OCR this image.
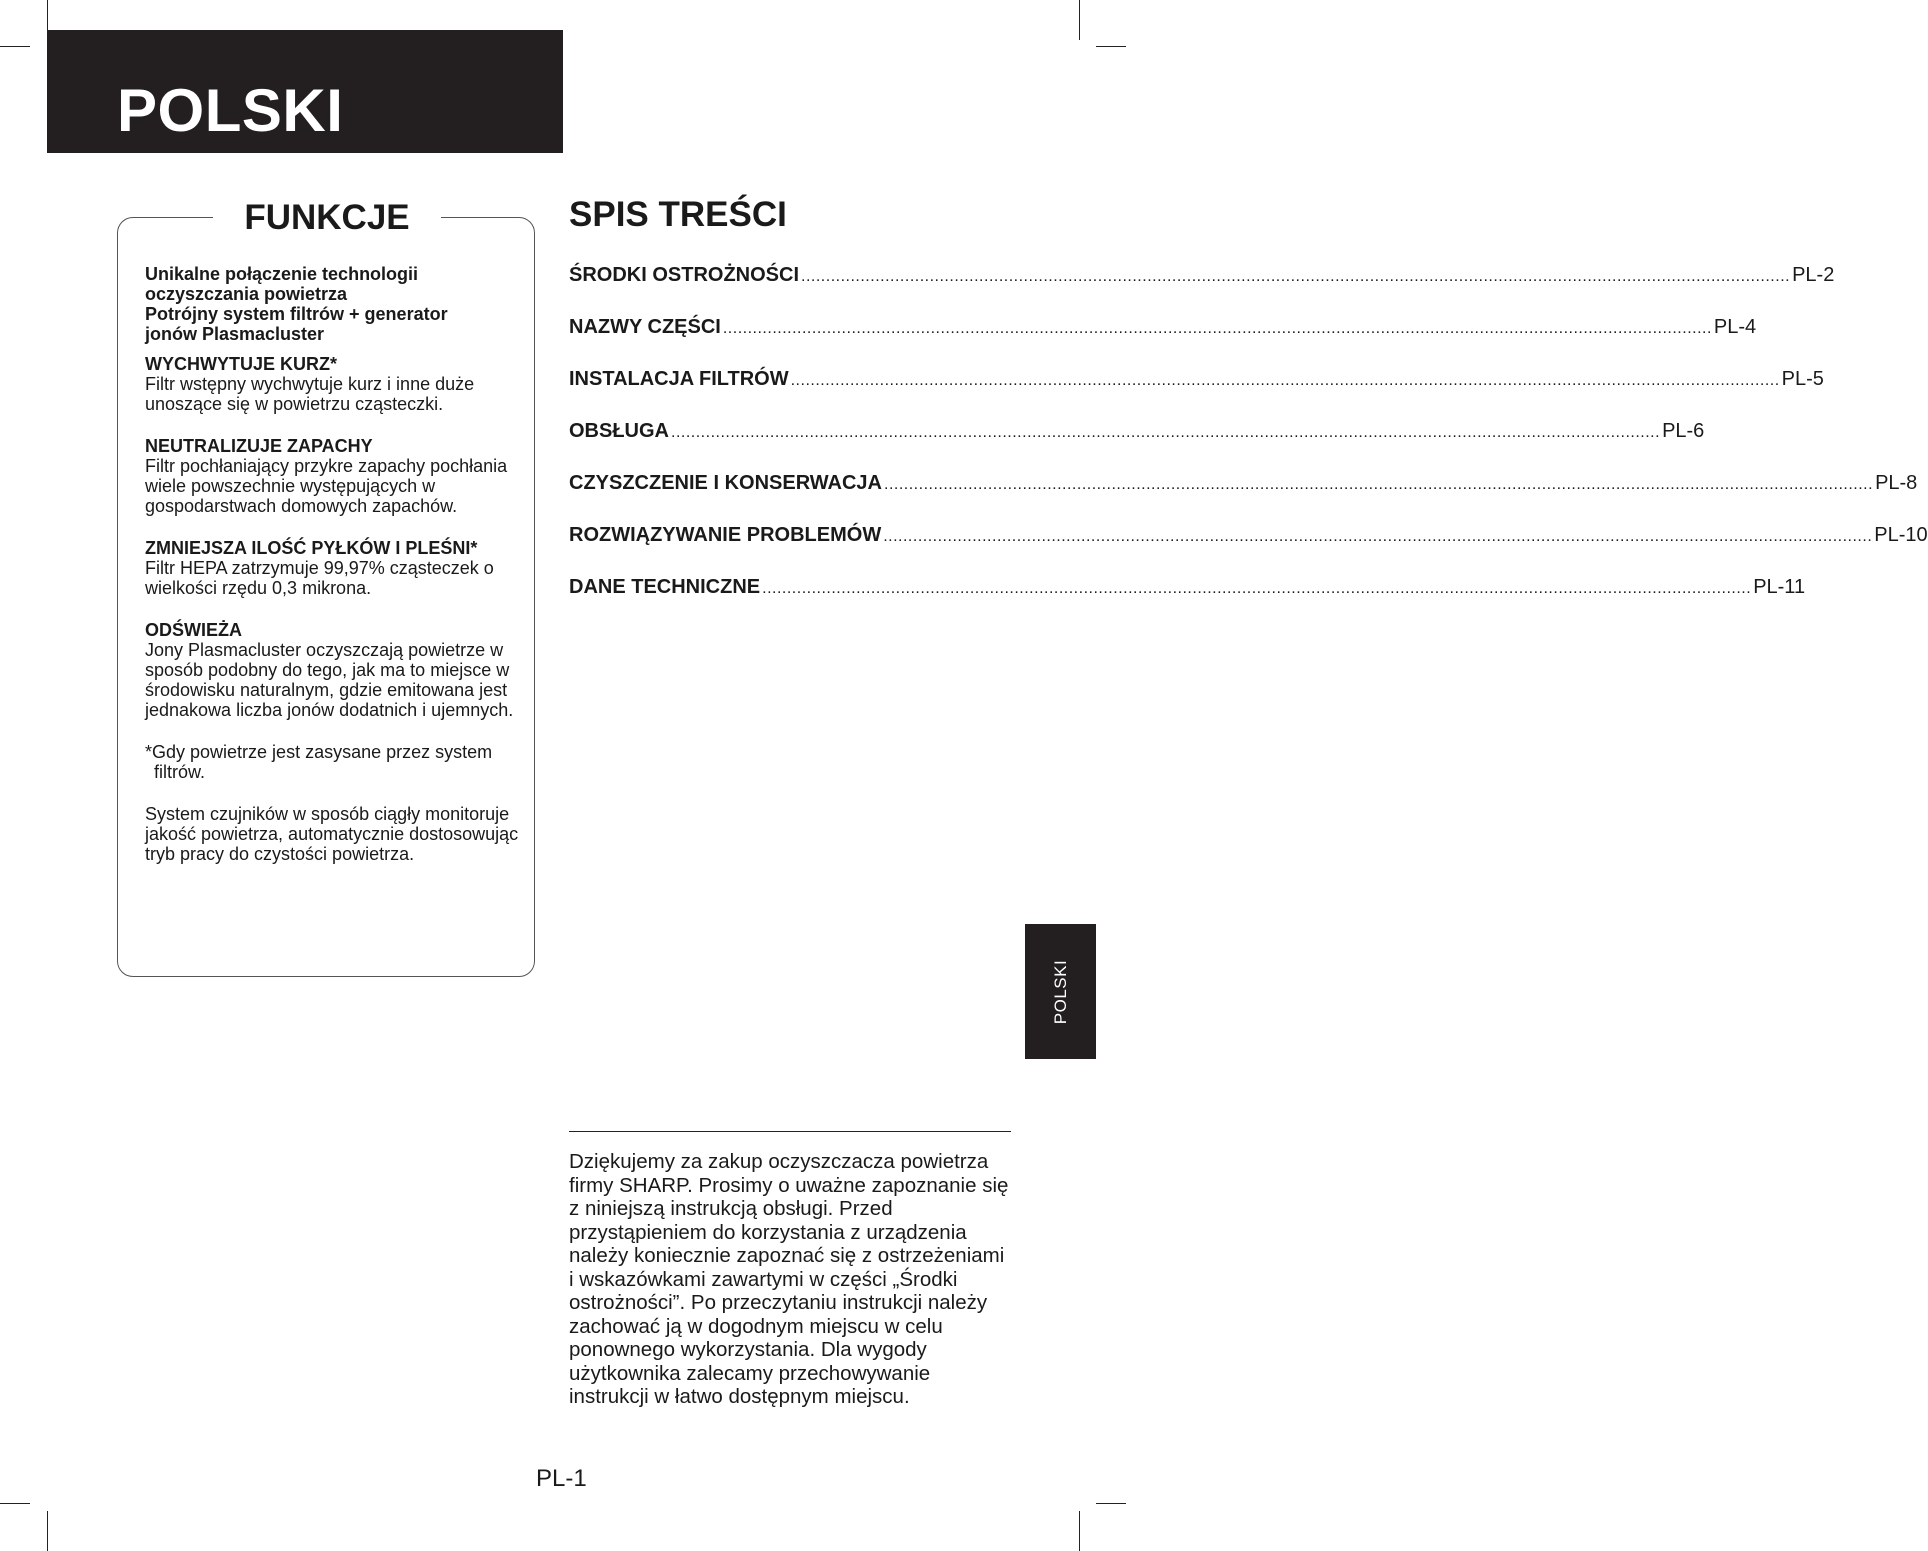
POLSKI
FUNKCJE
Unikalne połączenie technologii
oczyszczania powietrza
Potrójny system filtrów + generator
jonów Plasmacluster

WYCHWYTUJE KURZ*

Filtr wstępny wychwytuje kurz i inne duże unoszące się w powietrzu cząsteczki.

NEUTRALIZUJE ZAPACHY

Filtr pochłaniający przykre zapachy pochłania wiele powszechnie występujących w gospodarstwach domowych zapachów.

ZMNIEJSZA ILOŚĆ PYŁKÓW I PLEŚNI*

Filtr HEPA zatrzymuje 99,97% cząsteczek o wielkości rzędu 0,3 mikrona.

ODŚWIEŻA

Jony Plasmacluster oczyszczają powietrze w sposób podobny do tego, jak ma to miejsce w środowisku naturalnym, gdzie emitowana jest jednakowa liczba jonów dodatnich i ujemnych.

*Gdy powietrze jest zasysane przez system filtrów.

System czujników w sposób ciągły monitoruje jakość powietrza, automatycznie dostosowując tryb pracy do czystości powietrza.

SPIS TREŚCI
ŚRODKI OSTROŻNOŚCI ........................................................................................................................................................................................................ PL-2
NAZWY CZĘŚCI ........................................................................................................................................................................................................ PL-4
INSTALACJA FILTRÓW ........................................................................................................................................................................................................ PL-5
OBSŁUGA ........................................................................................................................................................................................................ PL-6
CZYSZCZENIE I KONSERWACJA ........................................................................................................................................................................................................ PL-8
ROZWIĄZYWANIE PROBLEMÓW ........................................................................................................................................................................................................ PL-10
DANE TECHNICZNE ........................................................................................................................................................................................................ PL-11
POLSKI

Dziękujemy za zakup oczyszczacza powietrza firmy SHARP. Prosimy o uważne zapoznanie się z niniejszą instrukcją obsługi. Przed przystąpieniem do korzystania z urządzenia należy koniecznie zapoznać się z ostrzeżeniami i wskazówkami zawartymi w części „Środki ostrożności”. Po przeczytaniu instrukcji należy zachować ją w dogodnym miejscu w celu ponownego wykorzystania. Dla wygody użytkownika zalecamy przechowywanie instrukcji w łatwo dostępnym miejscu.

PL-1
